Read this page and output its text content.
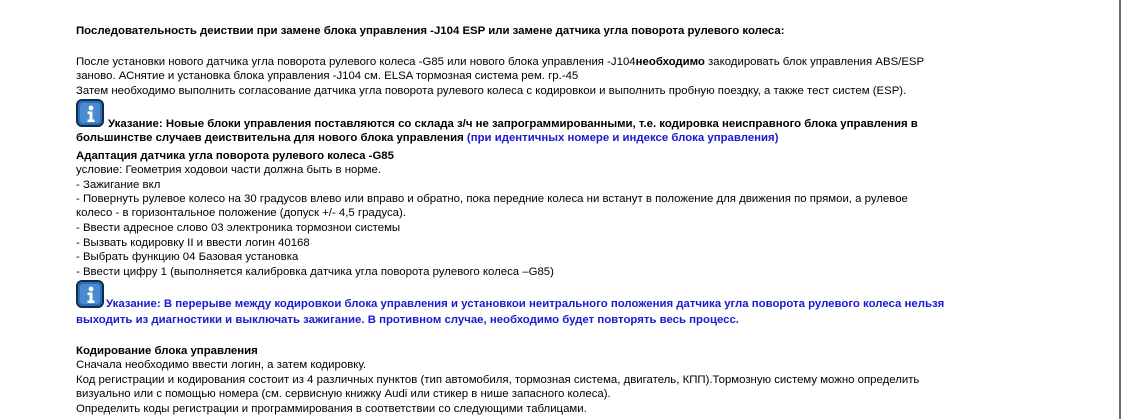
Последовательность деиствии при замене блока управления -J104 ESP или замене датчика угла поворота рулевого колеса:
После установки нового датчика угла поворота рулевого колеса -G85 или нового блока управления -J104необходимо закодировать блок управления ABS/ESP
заново. АСнятие и установка блока управления -J104 см. ELSA тормозная система рем. гр.-45
Затем необходимо выполнить согласование датчика угла поворота рулевого колеса с кодировкои и выполнить пробную поездку, а также тест систем (ESP).
Указание: Новые блоки управления поставляются со склада з/ч не запрограммированными, т.е. кодировка неисправного блока управления в
большинстве случаев деиствительна для нового блока управления (при идентичных номере и индексе блока управления)
Адаптация датчика угла поворота рулевого колеса -G85
условие: Геометрия ходовои части должна быть в норме.
- Зажигание вкл
- Повернуть рулевое колесо на 30 градусов влево или вправо и обратно, пока передние колеса ни встанут в положение для движения по прямои, а рулевое
колесо - в горизонтальное положение (допуск +/- 4,5 градуса).
- Ввести адресное слово 03 электроника тормознои системы
- Вызвать кодировку II и ввести логин 40168
- Выбрать функцию 04 Базовая установка
- Ввести цифру 1 (выполняется калибровка датчика угла поворота рулевого колеса –G85)
Указание: В перерыве между кодировкои блока управления и установкои неитрального положения датчика угла поворота рулевого колеса нельзя
выходить из диагностики и выключать зажигание. В противном случае, необходимо будет повторять весь процесс.
Кодирование блока управления
Сначала необходимо ввести логин, а затем кодировку.
Код регистрации и кодирования состоит из 4 различных пунктов (тип автомобиля, тормозная система, двигатель, КПП).Тормозную систему можно определить
визуально или с помощью номера (см. сервисную книжку Audi или стикер в нише запасного колеса).
Определить коды регистрации и программирования в соответствии со следующими таблицами.
